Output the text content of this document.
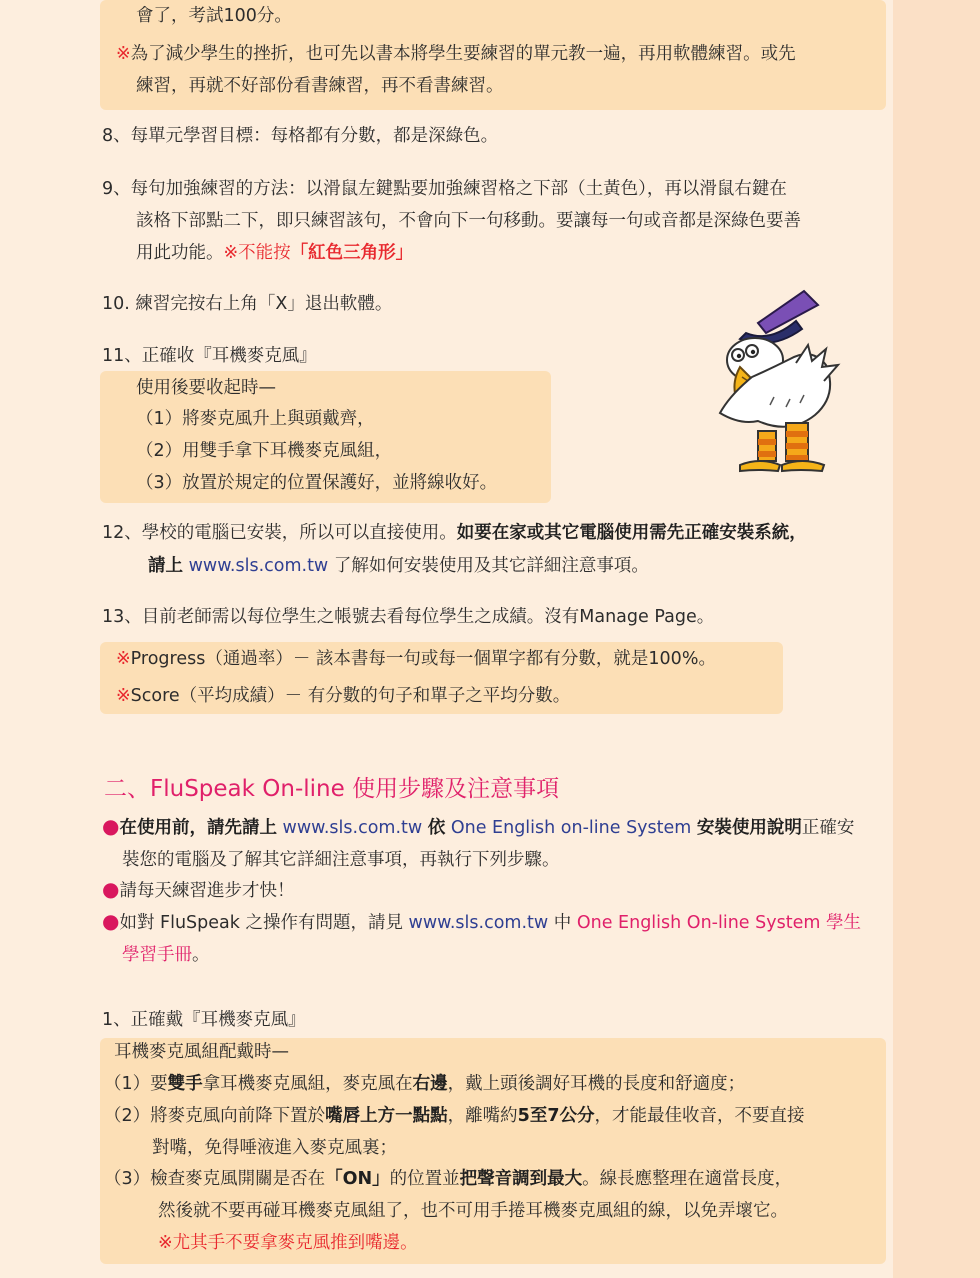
會了，考試100分。
※為了減少學生的挫折，也可先以書本將學生要練習的單元教一遍，再用軟體練習。或先
練習，再就不好部份看書練習，再不看書練習。
8、每單元學習目標：每格都有分數，都是深綠色。
9、每句加強練習的方法：以滑鼠左鍵點要加強練習格之下部（土黃色），再以滑鼠右鍵在
該格下部點二下，即只練習該句，不會向下一句移動。要讓每一句或音都是深綠色要善
用此功能。※不能按「紅色三角形」
10. 練習完按右上角「X」退出軟體。
11、正確收『耳機麥克風』
使用後要收起時—
（1）將麥克風升上與頭戴齊，
（2）用雙手拿下耳機麥克風組，
（3）放置於規定的位置保護好，並將線收好。
12、學校的電腦已安裝，所以可以直接使用。如要在家或其它電腦使用需先正確安裝系統，
請上 www.sls.com.tw 了解如何安裝使用及其它詳細注意事項。
13、目前老師需以每位學生之帳號去看每位學生之成績。沒有Manage Page。
※Progress（通過率）－ 該本書每一句或每一個單字都有分數，就是100%。
※Score（平均成績）－ 有分數的句子和單子之平均分數。
二、FluSpeak On-line 使用步驟及注意事項
●在使用前，請先請上 www.sls.com.tw 依 One English on-line System 安裝使用說明正確安
裝您的電腦及了解其它詳細注意事項，再執行下列步驟。
●請每天練習進步才快！
●如對 FluSpeak 之操作有問題，請見 www.sls.com.tw 中 One English On-line System 學生
學習手冊。
1、正確戴『耳機麥克風』
耳機麥克風組配戴時—
（1）要雙手拿耳機麥克風組，麥克風在右邊，戴上頭後調好耳機的長度和舒適度；
（2）將麥克風向前降下置於嘴唇上方一點點，離嘴約5至7公分，才能最佳收音，不要直接
對嘴，免得唾液進入麥克風裏；
（3）檢查麥克風開關是否在「ON」的位置並把聲音調到最大。線長應整理在適當長度，
然後就不要再碰耳機麥克風組了，也不可用手捲耳機麥克風組的線，以免弄壞它。
※尤其手不要拿麥克風推到嘴邊。
